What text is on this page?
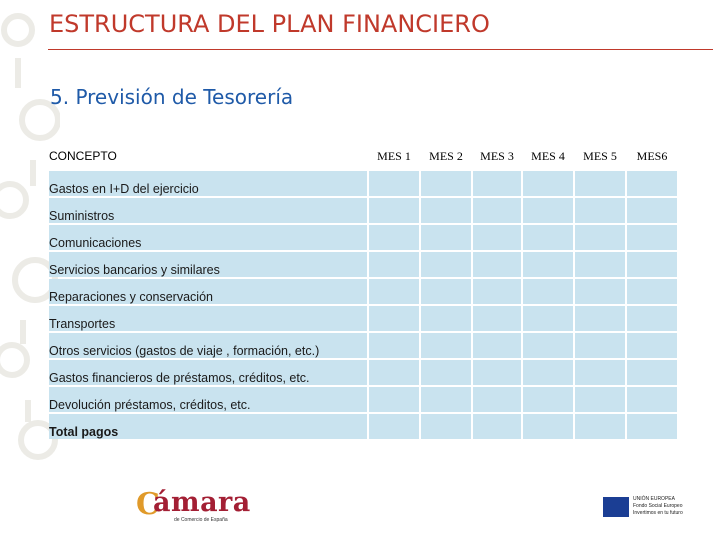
ESTRUCTURA DEL PLAN FINANCIERO
5. Previsión de Tesorería
CONCEPTO	MES 1	MES 2	MES 3	MES 4	MES 5	MES6
Gastos en I+D del ejercicio						
Suministros						
Comunicaciones						
Servicios bancarios y similares						
Reparaciones y conservación						
Transportes						
Otros servicios (gastos de viaje , formación, etc.)						
Gastos financieros de préstamos, créditos, etc.						
Devolución préstamos, créditos, etc.						
Total pagos						
C
ámara
de Comercio de España
UNIÓN EUROPEA
Fondo Social Europeo
Invertimos en tu futuro
